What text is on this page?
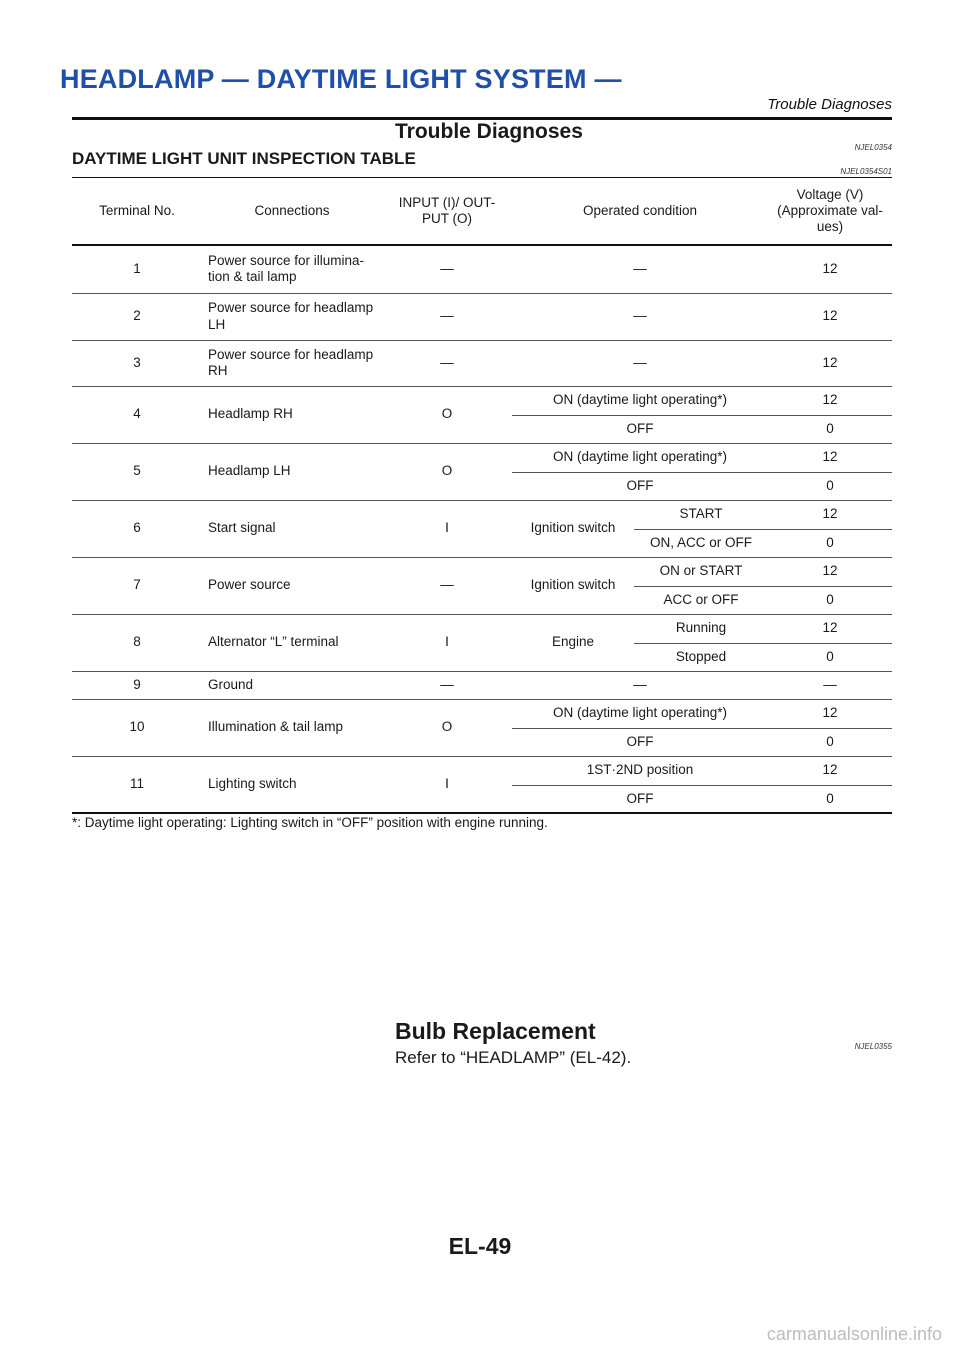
HEADLAMP — DAYTIME LIGHT SYSTEM —
Trouble Diagnoses
Trouble Diagnoses
NJEL0354
DAYTIME LIGHT UNIT INSPECTION TABLE
NJEL0354S01
Terminal No.	Connections	INPUT (I)/ OUT-
PUT (O)	Operated condition		Voltage (V)
(Approximate val-
ues)
1	Power source for illumina-
tion & tail lamp	—	—		12
2	Power source for headlamp
LH	—	—		12
3	Power source for headlamp
RH	—	—		12
4	Headlamp RH	O	ON (daytime light operating*)		12
			OFF		0
5	Headlamp LH	O	ON (daytime light operating*)		12
			OFF		0
6	Start signal	I	Ignition switch	START	12
				ON, ACC or OFF	0
7	Power source	—	Ignition switch	ON or START	12
				ACC or OFF	0
8	Alternator “L” terminal	I	Engine	Running	12
				Stopped	0
9	Ground	—	—		—
10	Illumination & tail lamp	O	ON (daytime light operating*)		12
			OFF		0
11	Lighting switch	I	1ST·2ND position		12
			OFF		0
*: Daytime light operating: Lighting switch in “OFF” position with engine running.
Bulb Replacement
NJEL0355
Refer to “HEADLAMP” (EL-42).
EL-49
carmanualsonline.info
